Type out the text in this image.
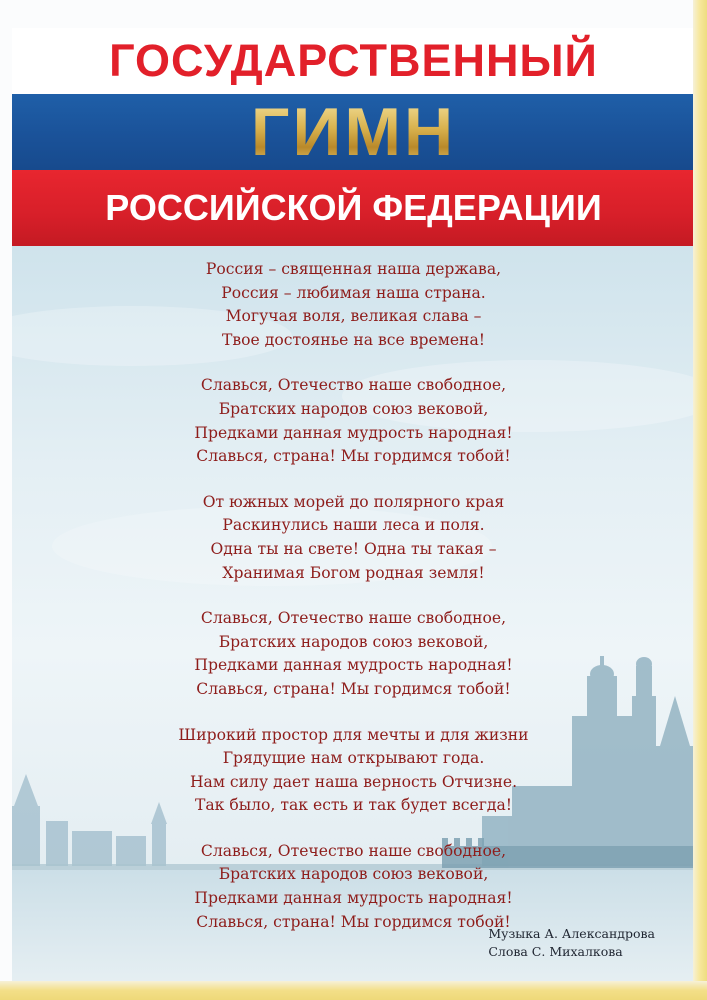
ГОСУДАРСТВЕННЫЙ
ГИМН
РОССИЙСКОЙ ФЕДЕРАЦИИ
Россия – священная наша держава,
Россия – любимая наша страна.
Могучая воля, великая слава –
Твое достоянье на все времена!
Славься, Отечество наше свободное,
Братских народов союз вековой,
Предками данная мудрость народная!
Славься, страна! Мы гордимся тобой!
От южных морей до полярного края
Раскинулись наши леса и поля.
Одна ты на свете! Одна ты такая –
Хранимая Богом родная земля!
Славься, Отечество наше свободное,
Братских народов союз вековой,
Предками данная мудрость народная!
Славься, страна! Мы гордимся тобой!
Широкий простор для мечты и для жизни
Грядущие нам открывают года.
Нам силу дает наша верность Отчизне.
Так было, так есть и так будет всегда!
Славься, Отечество наше свободное,
Братских народов союз вековой,
Предками данная мудрость народная!
Славься, страна! Мы гордимся тобой!
Музыка А. Александрова
Слова С. Михалкова
